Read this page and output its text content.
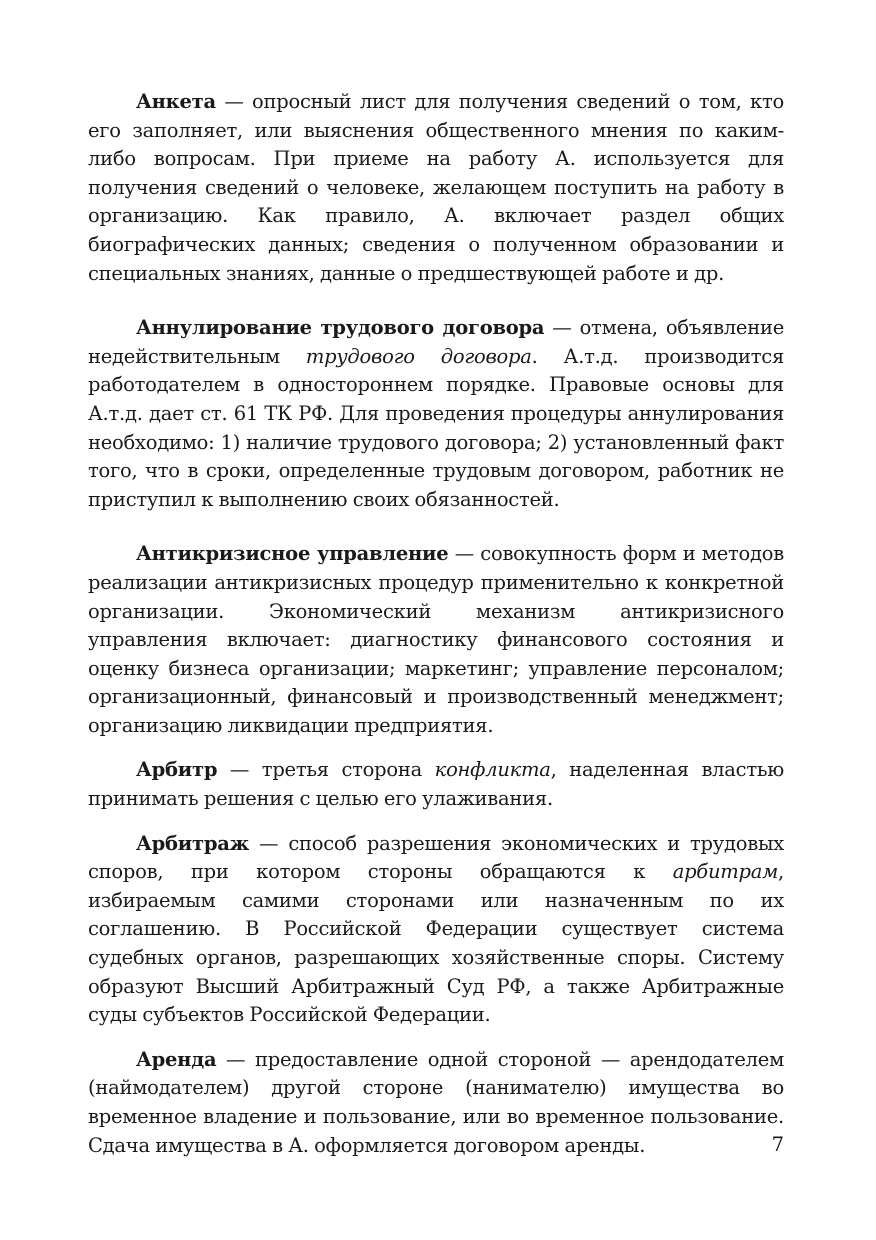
Анкета — опросный лист для получения сведений о том, кто его заполняет, или выяснения общественного мнения по каким-либо вопросам. При приеме на работу А. используется для получения сведений о человеке, желающем поступить на работу в организацию. Как правило, А. включает раздел общих биографических данных; сведения о полученном образовании и специальных знаниях, данные о предшествующей работе и др.

Аннулирование трудового договора — отмена, объявление недействительным трудового договора. А.т.д. производится работодателем в одностороннем порядке. Правовые основы для А.т.д. дает ст. 61 ТК РФ. Для проведения процедуры аннулирования необходимо: 1) наличие трудового договора; 2) установленный факт того, что в сроки, определенные трудовым договором, работник не приступил к выполнению своих обязанностей.

Антикризисное управление — совокупность форм и методов реализации антикризисных процедур применительно к конкретной организации. Экономический механизм антикризисного управления включает: диагностику финансового состояния и оценку бизнеса организации; маркетинг; управление персоналом; организационный, финансовый и производственный менеджмент; организацию ликвидации предприятия.

Арбитр — третья сторона конфликта, наделенная властью принимать решения с целью его улаживания.

Арбитраж — способ разрешения экономических и трудовых споров, при котором стороны обращаются к арбитрам, избираемым самими сторонами или назначенным по их соглашению. В Российской Федерации существует система судебных органов, разрешающих хозяйственные споры. Систему образуют Высший Арбитражный Суд РФ, а также Арбитражные суды субъектов Российской Федерации.

Аренда — предоставление одной стороной — арендодателем (наймодателем) другой стороне (нанимателю) имущества во временное владение и пользование, или во временное пользование. Сдача имущества в А. оформляется договором аренды.	7
